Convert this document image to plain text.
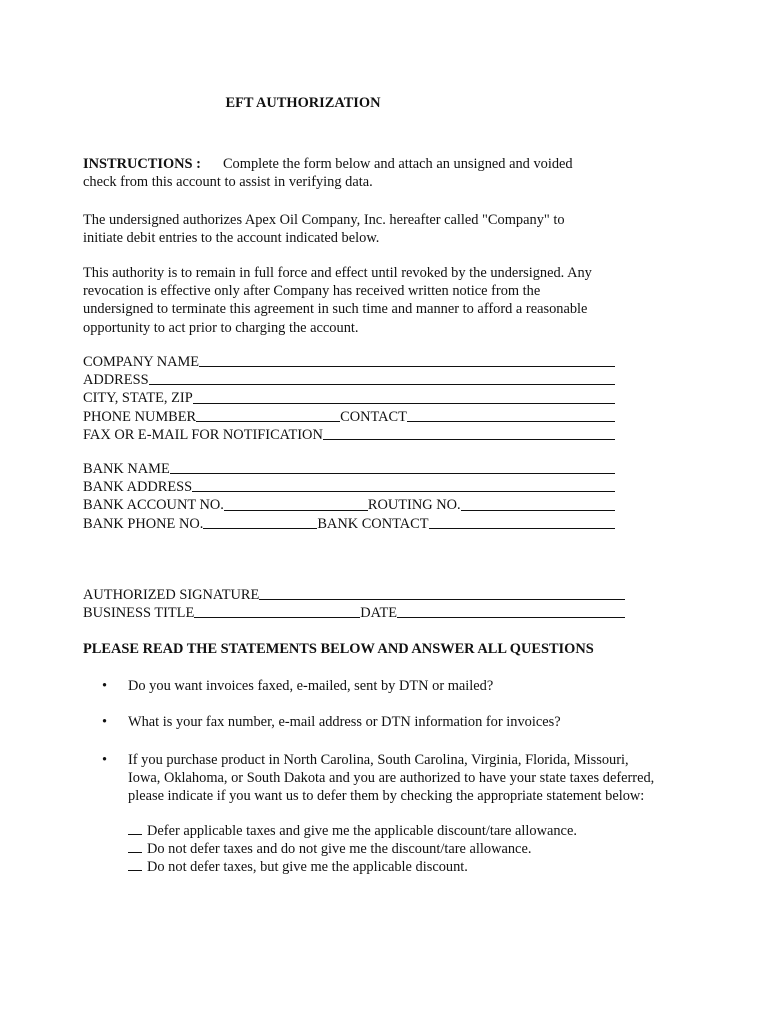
EFT AUTHORIZATION
INSTRUCTIONS : Complete the form below and attach an unsigned and voided
check from this account to assist in verifying data.
The undersigned authorizes Apex Oil Company, Inc. hereafter called "Company" to
initiate debit entries to the account indicated below.
This authority is to remain in full force and effect until revoked by the undersigned. Any
revocation is effective only after Company has received written notice from the
undersigned to terminate this agreement in such time and manner to afford a reasonable
opportunity to act prior to charging the account.
COMPANY NAME
ADDRESS
CITY, STATE, ZIP
PHONE NUMBER	CONTACT
FAX OR E-MAIL FOR NOTIFICATION
BANK NAME
BANK ADDRESS
BANK ACCOUNT NO.	ROUTING NO.
BANK PHONE NO.	BANK CONTACT
AUTHORIZED SIGNATURE
BUSINESS TITLE	DATE
PLEASE READ THE STATEMENTS BELOW AND ANSWER ALL QUESTIONS
• Do you want invoices faxed, e-mailed, sent by DTN or mailed?
• What is your fax number, e-mail address or DTN information for invoices?
• If you purchase product in North Carolina, South Carolina, Virginia, Florida, Missouri,
Iowa, Oklahoma, or South Dakota and you are authorized to have your state taxes deferred,
please indicate if you want us to defer them by checking the appropriate statement below:
Defer applicable taxes and give me the applicable discount/tare allowance.
Do not defer taxes and do not give me the discount/tare allowance.
Do not defer taxes, but give me the applicable discount.
